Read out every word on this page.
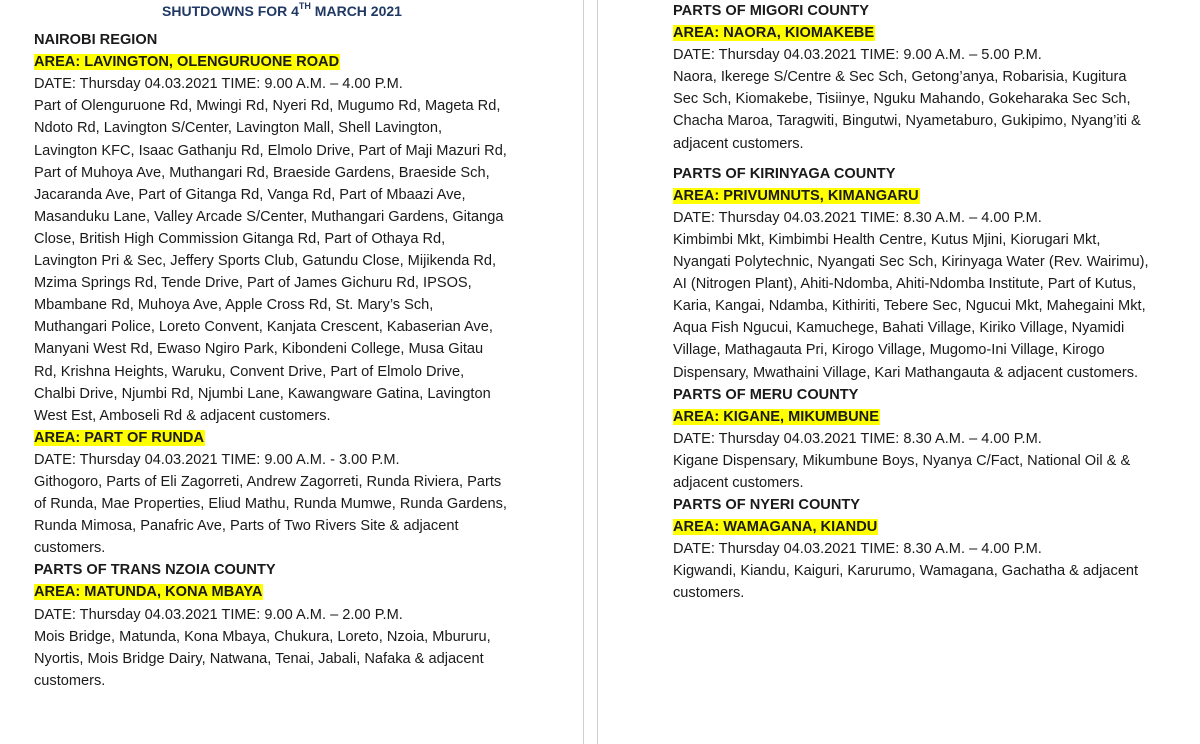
SHUTDOWNS FOR 4TH MARCH 2021
NAIROBI REGION
AREA: LAVINGTON, OLENGURUONE ROAD
DATE: Thursday 04.03.2021 TIME: 9.00 A.M. – 4.00 P.M.
Part of Olenguruone Rd, Mwingi Rd, Nyeri Rd, Mugumo Rd, Mageta Rd, Ndoto Rd, Lavington S/Center, Lavington Mall, Shell Lavington, Lavington KFC, Isaac Gathanju Rd, Elmolo Drive, Part of Maji Mazuri Rd, Part of Muhoya Ave, Muthangari Rd, Braeside Gardens, Braeside Sch, Jacaranda Ave, Part of Gitanga Rd, Vanga Rd, Part of Mbaazi Ave, Masanduku Lane, Valley Arcade S/Center, Muthangari Gardens, Gitanga Close, British High Commission Gitanga Rd, Part of Othaya Rd, Lavington Pri & Sec, Jeffery Sports Club, Gatundu Close, Mijikenda Rd, Mzima Springs Rd, Tende Drive, Part of James Gichuru Rd, IPSOS, Mbambane Rd, Muhoya Ave, Apple Cross Rd, St. Mary’s Sch, Muthangari Police, Loreto Convent, Kanjata Crescent, Kabaserian Ave, Manyani West Rd, Ewaso Ngiro Park, Kibondeni College, Musa Gitau Rd, Krishna Heights, Waruku, Convent Drive, Part of Elmolo Drive, Chalbi Drive, Njumbi Rd, Njumbi Lane, Kawangware Gatina, Lavington West Est, Amboseli Rd & adjacent customers.
AREA: PART OF RUNDA
DATE: Thursday 04.03.2021 TIME: 9.00 A.M. - 3.00 P.M.
Githogoro, Parts of Eli Zagorreti, Andrew Zagorreti, Runda Riviera, Parts of Runda, Mae Properties, Eliud Mathu, Runda Mumwe, Runda Gardens, Runda Mimosa, Panafric Ave, Parts of Two Rivers Site & adjacent customers.
PARTS OF TRANS NZOIA COUNTY
AREA: MATUNDA, KONA MBAYA
DATE: Thursday 04.03.2021 TIME: 9.00 A.M. – 2.00 P.M.
Mois Bridge, Matunda, Kona Mbaya, Chukura, Loreto, Nzoia, Mbururu, Nyortis, Mois Bridge Dairy, Natwana, Tenai, Jabali, Nafaka & adjacent customers.
PARTS OF MIGORI COUNTY
AREA: NAORA, KIOMAKEBE
DATE: Thursday 04.03.2021 TIME: 9.00 A.M. – 5.00 P.M.
Naora, Ikerege S/Centre & Sec Sch, Getong’anya, Robarisia, Kugitura Sec Sch, Kiomakebe, Tisiinye, Nguku Mahando, Gokeharaka Sec Sch, Chacha Maroa, Taragwiti, Bingutwi, Nyametaburo, Gukipimo, Nyang’iti & adjacent customers.
PARTS OF KIRINYAGA COUNTY
AREA: PRIVUMNUTS, KIMANGARU
DATE: Thursday 04.03.2021 TIME: 8.30 A.M. – 4.00 P.M.
Kimbimbi Mkt, Kimbimbi Health Centre, Kutus Mjini, Kiorugari Mkt, Nyangati Polytechnic, Nyangati Sec Sch, Kirinyaga Water (Rev. Wairimu), AI (Nitrogen Plant), Ahiti-Ndomba, Ahiti-Ndomba Institute, Part of Kutus, Karia, Kangai, Ndamba, Kithiriti, Tebere Sec, Ngucui Mkt, Mahegaini Mkt, Aqua Fish Ngucui, Kamuchege, Bahati Village, Kiriko Village, Nyamidi Village, Mathagauta Pri, Kirogo Village, Mugomo-Ini Village, Kirogo Dispensary, Mwathaini Village, Kari Mathangauta & adjacent customers.
PARTS OF MERU COUNTY
AREA: KIGANE, MIKUMBUNE
DATE: Thursday 04.03.2021 TIME: 8.30 A.M. – 4.00 P.M.
Kigane Dispensary, Mikumbune Boys, Nyanya C/Fact, National Oil & & adjacent customers.
PARTS OF NYERI COUNTY
AREA: WAMAGANA, KIANDU
DATE: Thursday 04.03.2021 TIME: 8.30 A.M. – 4.00 P.M.
Kigwandi, Kiandu, Kaiguri, Karurumo, Wamagana, Gachatha & adjacent customers.
